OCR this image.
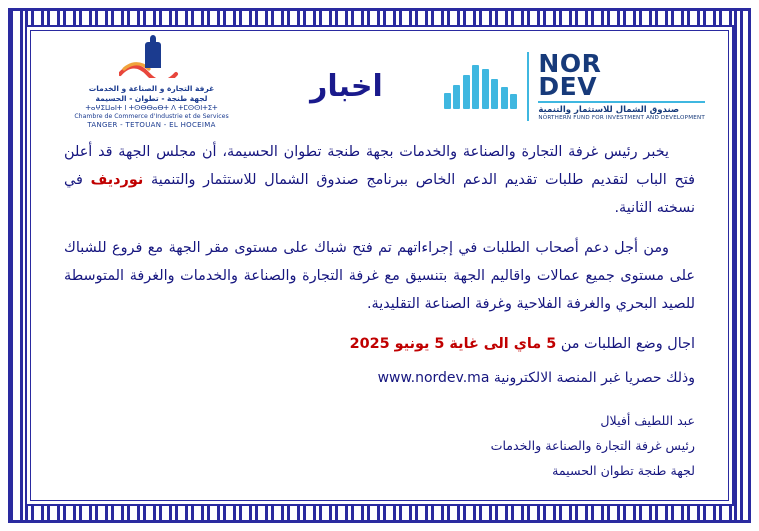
غرفة التجارة و الصناعة و الخدمات
لجهة طنجة - تطوان - الحسيمة
ⵜⴰⵖⵉⵡⴰⵏⵜ ⵏ ⵜⵙⴱⴱⴰⴱⵜ ⴷ ⵜⵎⵙⵙⵏⵜⵉⵜ
Chambre de Commerce d'Industrie et de Services
TANGER - TETOUAN - EL HOCEIMA
اخبار
NOR
DEV
صندوق الشمال للاستثمار والتنمية
NORTHERN FUND FOR INVESTMENT AND DEVELOPMENT

يخبر رئيس غرفة التجارة والصناعة والخدمات بجهة طنجة تطوان الحسيمة، أن مجلس الجهة قد أعلن فتح الباب لتقديم طلبات تقديم الدعم الخاص ببرنامج صندوق الشمال للاستثمار والتنمية نورديف في نسخته الثانية.

ومن أجل دعم أصحاب الطلبات في إجراءاتهم تم فتح شباك على مستوى مقر الجهة مع فروع للشباك على مستوى جميع عمالات واقاليم الجهة بتنسيق مع غرفة التجارة والصناعة والخدمات والغرفة المتوسطة للصيد البحري والغرفة الفلاحية وغرفة الصناعة التقليدية.

اجال وضع الطلبات من 5 ماي الى غاية 5 يونيو 2025
وذلك حصريا غبر المنصة الالكترونية www.nordev.ma
عبد اللطيف أفيلال
رئيس غرفة التجارة والصناعة والخدمات
لجهة طنجة تطوان الحسيمة
